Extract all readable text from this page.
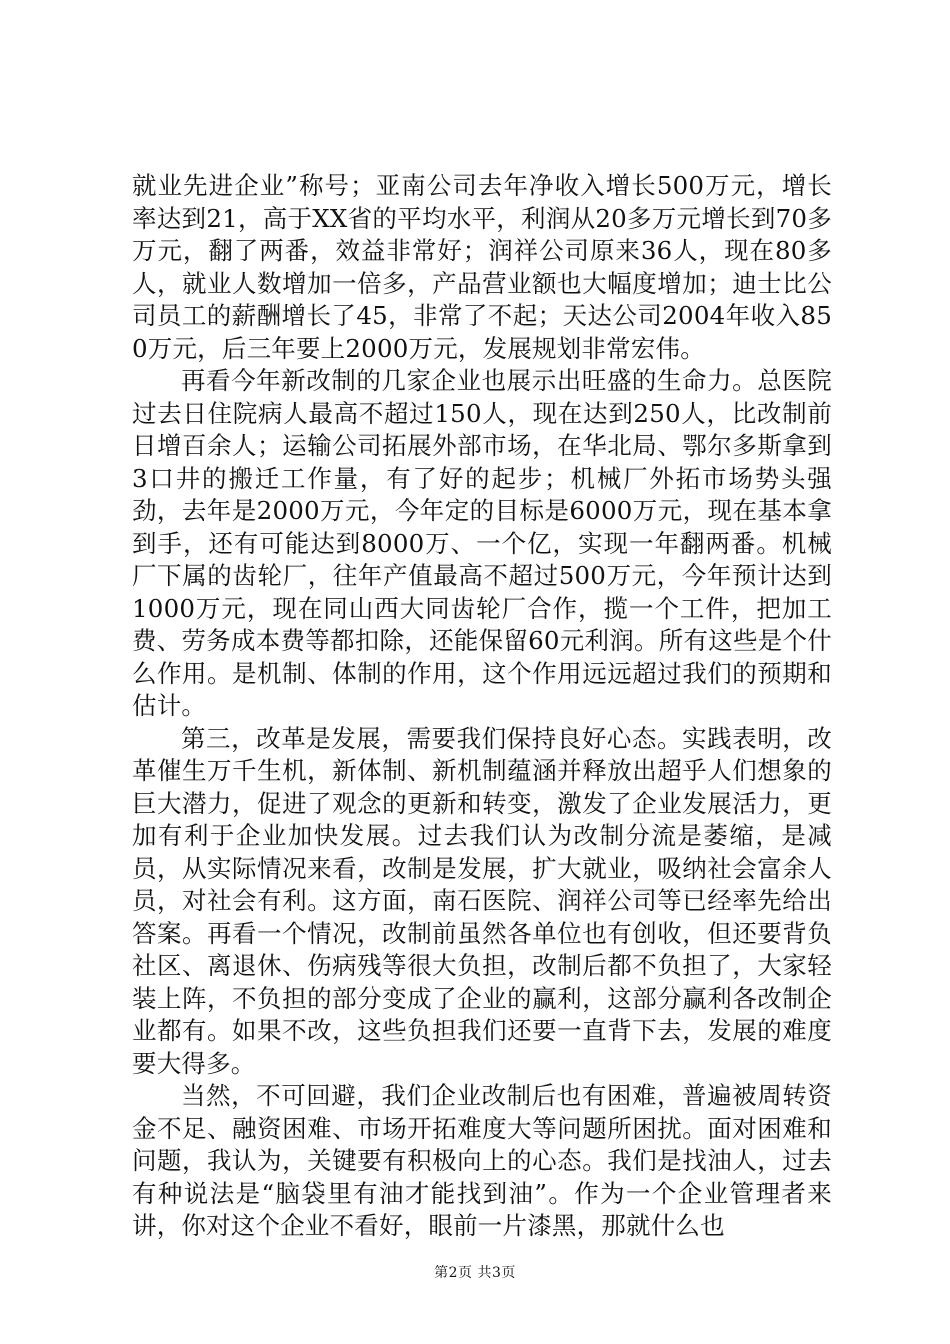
就业先进企业”称号；亚南公司去年净收入增长500万元，增长率达到21，高于XX省的平均水平，利润从20多万元增长到70多万元，翻了两番，效益非常好；润祥公司原来36人，现在80多人，就业人数增加一倍多，产品营业额也大幅度增加；迪士比公司员工的薪酬增长了45，非常了不起；天达公司2004年收入850万元，后三年要上2000万元，发展规划非常宏伟。

再看今年新改制的几家企业也展示出旺盛的生命力。总医院过去日住院病人最高不超过150人，现在达到250人，比改制前日增百余人；运输公司拓展外部市场，在华北局、鄂尔多斯拿到3口井的搬迁工作量，有了好的起步；机械厂外拓市场势头强劲，去年是2000万元，今年定的目标是6000万元，现在基本拿到手，还有可能达到8000万、一个亿，实现一年翻两番。机械厂下属的齿轮厂，往年产值最高不超过500万元，今年预计达到1000万元，现在同山西大同齿轮厂合作，揽一个工件，把加工费、劳务成本费等都扣除，还能保留60元利润。所有这些是个什么作用。是机制、体制的作用，这个作用远远超过我们的预期和估计。

第三，改革是发展，需要我们保持良好心态。实践表明，改革催生万千生机，新体制、新机制蕴涵并释放出超乎人们想象的巨大潜力，促进了观念的更新和转变，激发了企业发展活力，更加有利于企业加快发展。过去我们认为改制分流是萎缩，是减员，从实际情况来看，改制是发展，扩大就业，吸纳社会富余人员，对社会有利。这方面，南石医院、润祥公司等已经率先给出答案。再看一个情况，改制前虽然各单位也有创收，但还要背负社区、离退休、伤病残等很大负担，改制后都不负担了，大家轻装上阵，不负担的部分变成了企业的赢利，这部分赢利各改制企业都有。如果不改，这些负担我们还要一直背下去，发展的难度要大得多。

当然，不可回避，我们企业改制后也有困难，普遍被周转资金不足、融资困难、市场开拓难度大等问题所困扰。面对困难和问题，我认为，关键要有积极向上的心态。我们是找油人，过去有种说法是“脑袋里有油才能找到油”。作为一个企业管理者来讲，你对这个企业不看好，眼前一片漆黑，那就什么也

第2页 共3页
